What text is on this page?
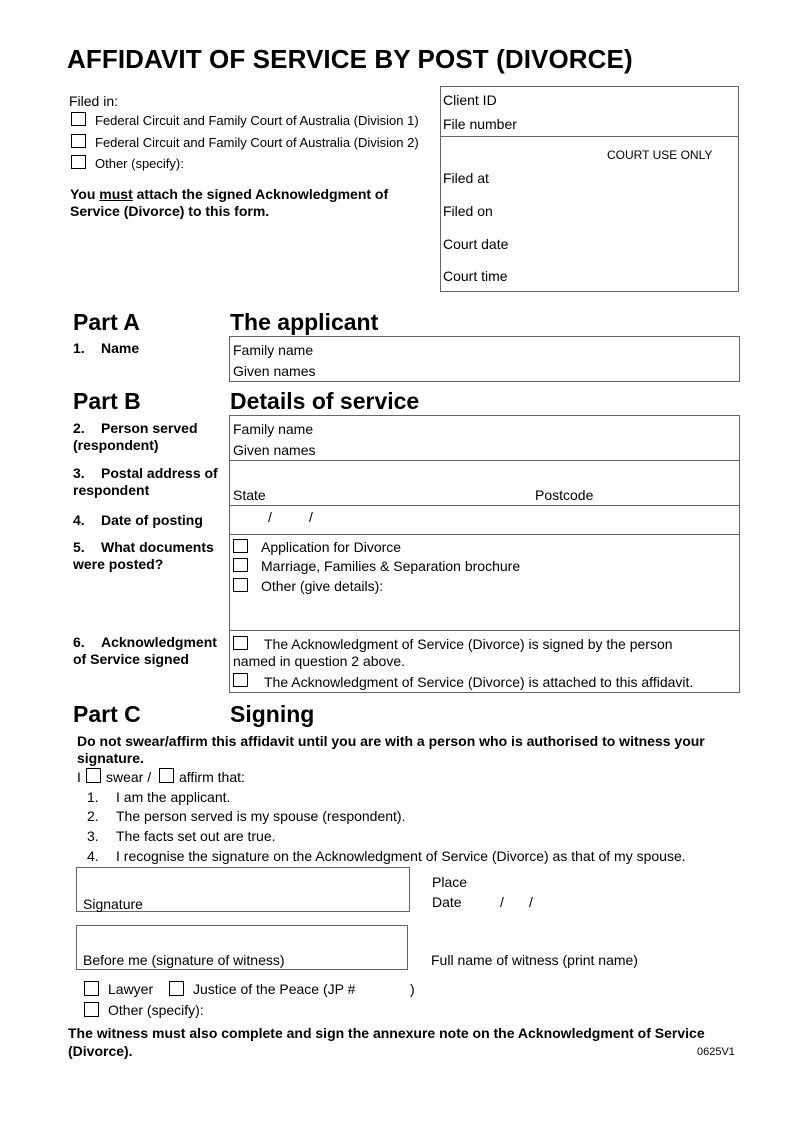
AFFIDAVIT OF SERVICE BY POST (DIVORCE)
Filed in:
Federal Circuit and Family Court of Australia (Division 1)
Federal Circuit and Family Court of Australia (Division 2)
Other (specify):
You must attach the signed Acknowledgment of
Service (Divorce) to this form.
Client ID
File number
COURT USE ONLY
Filed at
Filed on
Court date
Court time
Part A	The applicant
1. Name	Family name
Given names
Part B	Details of service
2. Person served
(respondent)
Family name
Given names
3. Postal address of
respondent	State	Postcode
4. Date of posting	/	/
5. What documents
were posted?
Application for Divorce
Marriage, Families & Separation brochure
Other (give details):
6. Acknowledgment
of Service signed
The Acknowledgment of Service (Divorce) is signed by the person
named in question 2 above.
The Acknowledgment of Service (Divorce) is attached to this affidavit.
Part C	Signing
Do not swear/affirm this affidavit until you are with a person who is authorised to witness your
signature.
I swear / affirm that:
1. I am the applicant.
2. The person served is my spouse (respondent).
3. The facts set out are true.
4. I recognise the signature on the Acknowledgment of Service (Divorce) as that of my spouse.
Signature
Place
Date	/ /
Before me (signature of witness)	Full name of witness (print name)
Lawyer	Justice of the Peace (JP #	)
Other (specify):
The witness must also complete and sign the annexure note on the Acknowledgment of Service
(Divorce).	0625V1
